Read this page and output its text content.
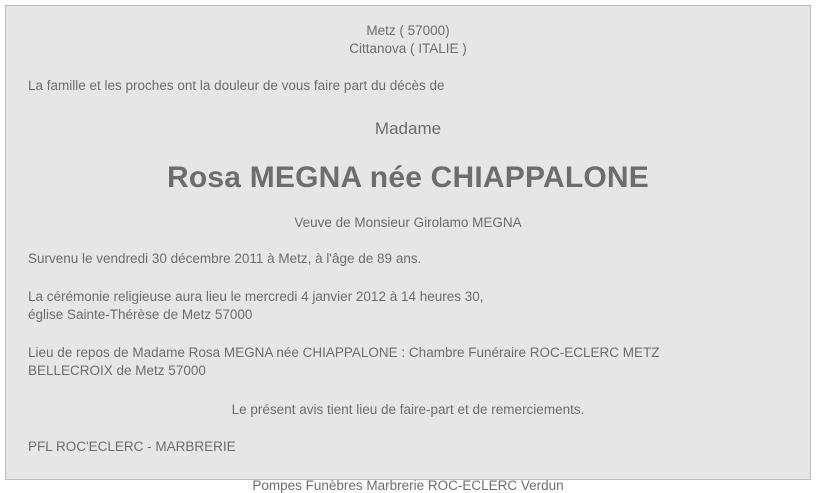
Metz ( 57000)
Cittanova ( ITALIE )
La famille et les proches ont la douleur de vous faire part du décès de
Madame
Rosa MEGNA née CHIAPPALONE
Veuve de Monsieur Girolamo MEGNA
Survenu le vendredi 30 décembre 2011 à Metz, à l'âge de 89 ans.
La cérémonie religieuse aura lieu le mercredi 4 janvier 2012 à 14 heures 30,
église Sainte-Thérèse de Metz 57000
Lieu de repos de Madame Rosa MEGNA née CHIAPPALONE : Chambre Funéraire ROC-ECLERC METZ
BELLECROIX de Metz 57000
Le présent avis tient lieu de faire-part et de remerciements.
PFL ROC'ECLERC - MARBRERIE
Pompes Funèbres Marbrerie ROC-ECLERC Verdun
